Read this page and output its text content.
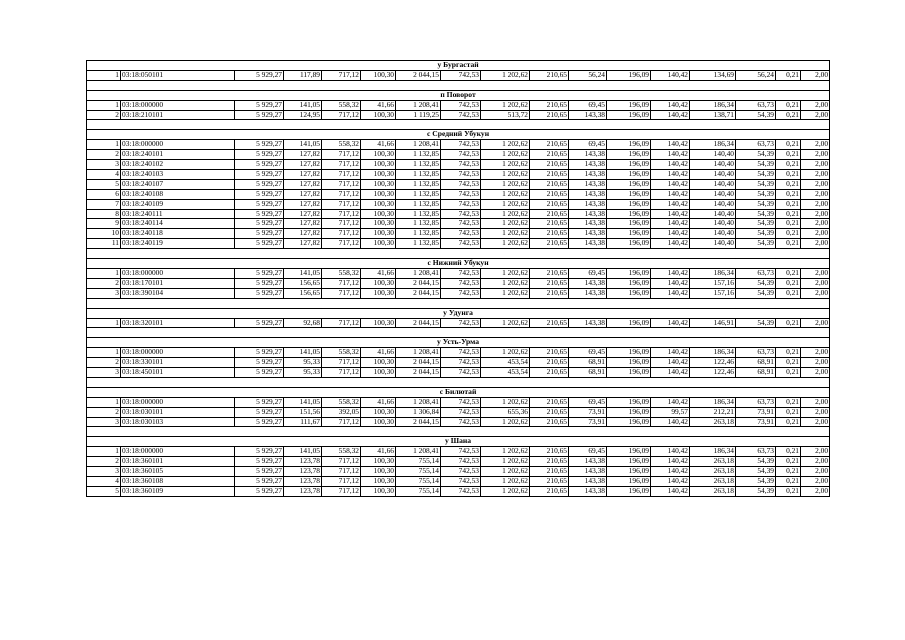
у Бургастай																
1	03:18:050101	5 929,27	117,89	717,12	100,30	2 044,15	742,53	1 202,62	210,65	56,24	196,09	140,42	134,69	56,24	0,21	2,00

п Поворот																
1	03:18:000000	5 929,27	141,05	558,32	41,66	1 208,41	742,53	1 202,62	210,65	69,45	196,09	140,42	186,34	63,73	0,21	2,00
2	03:18:210101	5 929,27	124,95	717,12	100,30	1 119,25	742,53	513,72	210,65	143,38	196,09	140,42	138,71	54,39	0,21	2,00

с Средний Убукун																
1	03:18:000000	5 929,27	141,05	558,32	41,66	1 208,41	742,53	1 202,62	210,65	69,45	196,09	140,42	186,34	63,73	0,21	2,00
2	03:18:240101	5 929,27	127,82	717,12	100,30	1 132,85	742,53	1 202,62	210,65	143,38	196,09	140,42	140,40	54,39	0,21	2,00
3	03:18:240102	5 929,27	127,82	717,12	100,30	1 132,85	742,53	1 202,62	210,65	143,38	196,09	140,42	140,40	54,39	0,21	2,00
4	03:18:240103	5 929,27	127,82	717,12	100,30	1 132,85	742,53	1 202,62	210,65	143,38	196,09	140,42	140,40	54,39	0,21	2,00
5	03:18:240107	5 929,27	127,82	717,12	100,30	1 132,85	742,53	1 202,62	210,65	143,38	196,09	140,42	140,40	54,39	0,21	2,00
6	03:18:240108	5 929,27	127,82	717,12	100,30	1 132,85	742,53	1 202,62	210,65	143,38	196,09	140,42	140,40	54,39	0,21	2,00
7	03:18:240109	5 929,27	127,82	717,12	100,30	1 132,85	742,53	1 202,62	210,65	143,38	196,09	140,42	140,40	54,39	0,21	2,00
8	03:18:240111	5 929,27	127,82	717,12	100,30	1 132,85	742,53	1 202,62	210,65	143,38	196,09	140,42	140,40	54,39	0,21	2,00
9	03:18:240114	5 929,27	127,82	717,12	100,30	1 132,85	742,53	1 202,62	210,65	143,38	196,09	140,42	140,40	54,39	0,21	2,00
10	03:18:240118	5 929,27	127,82	717,12	100,30	1 132,85	742,53	1 202,62	210,65	143,38	196,09	140,42	140,40	54,39	0,21	2,00
11	03:18:240119	5 929,27	127,82	717,12	100,30	1 132,85	742,53	1 202,62	210,65	143,38	196,09	140,42	140,40	54,39	0,21	2,00

с Нижний Убукун																
1	03:18:000000	5 929,27	141,05	558,32	41,66	1 208,41	742,53	1 202,62	210,65	69,45	196,09	140,42	186,34	63,73	0,21	2,00
2	03:18:170101	5 929,27	156,65	717,12	100,30	2 044,15	742,53	1 202,62	210,65	143,38	196,09	140,42	157,16	54,39	0,21	2,00
3	03:18:390104	5 929,27	156,65	717,12	100,30	2 044,15	742,53	1 202,62	210,65	143,38	196,09	140,42	157,16	54,39	0,21	2,00

у Удунга																
1	03:18:320101	5 929,27	92,68	717,12	100,30	2 044,15	742,53	1 202,62	210,65	143,38	196,09	140,42	146,91	54,39	0,21	2,00

у Усть-Урма																
1	03:18:000000	5 929,27	141,05	558,32	41,66	1 208,41	742,53	1 202,62	210,65	69,45	196,09	140,42	186,34	63,73	0,21	2,00
2	03:18:330101	5 929,27	95,33	717,12	100,30	2 044,15	742,53	453,54	210,65	68,91	196,09	140,42	122,46	68,91	0,21	2,00
3	03:18:450101	5 929,27	95,33	717,12	100,30	2 044,15	742,53	453,54	210,65	68,91	196,09	140,42	122,46	68,91	0,21	2,00

с Билютай																
1	03:18:000000	5 929,27	141,05	558,32	41,66	1 208,41	742,53	1 202,62	210,65	69,45	196,09	140,42	186,34	63,73	0,21	2,00
2	03:18:030101	5 929,27	151,56	392,05	100,30	1 306,84	742,53	655,36	210,65	73,91	196,09	99,57	212,21	73,91	0,21	2,00
3	03:18:030103	5 929,27	111,67	717,12	100,30	2 044,15	742,53	1 202,62	210,65	73,91	196,09	140,42	263,18	73,91	0,21	2,00

у Шана																
1	03:18:000000	5 929,27	141,05	558,32	41,66	1 208,41	742,53	1 202,62	210,65	69,45	196,09	140,42	186,34	63,73	0,21	2,00
2	03:18:360101	5 929,27	123,78	717,12	100,30	755,14	742,53	1 202,62	210,65	143,38	196,09	140,42	263,18	54,39	0,21	2,00
3	03:18:360105	5 929,27	123,78	717,12	100,30	755,14	742,53	1 202,62	210,65	143,38	196,09	140,42	263,18	54,39	0,21	2,00
4	03:18:360108	5 929,27	123,78	717,12	100,30	755,14	742,53	1 202,62	210,65	143,38	196,09	140,42	263,18	54,39	0,21	2,00
5	03:18:360109	5 929,27	123,78	717,12	100,30	755,14	742,53	1 202,62	210,65	143,38	196,09	140,42	263,18	54,39	0,21	2,00
